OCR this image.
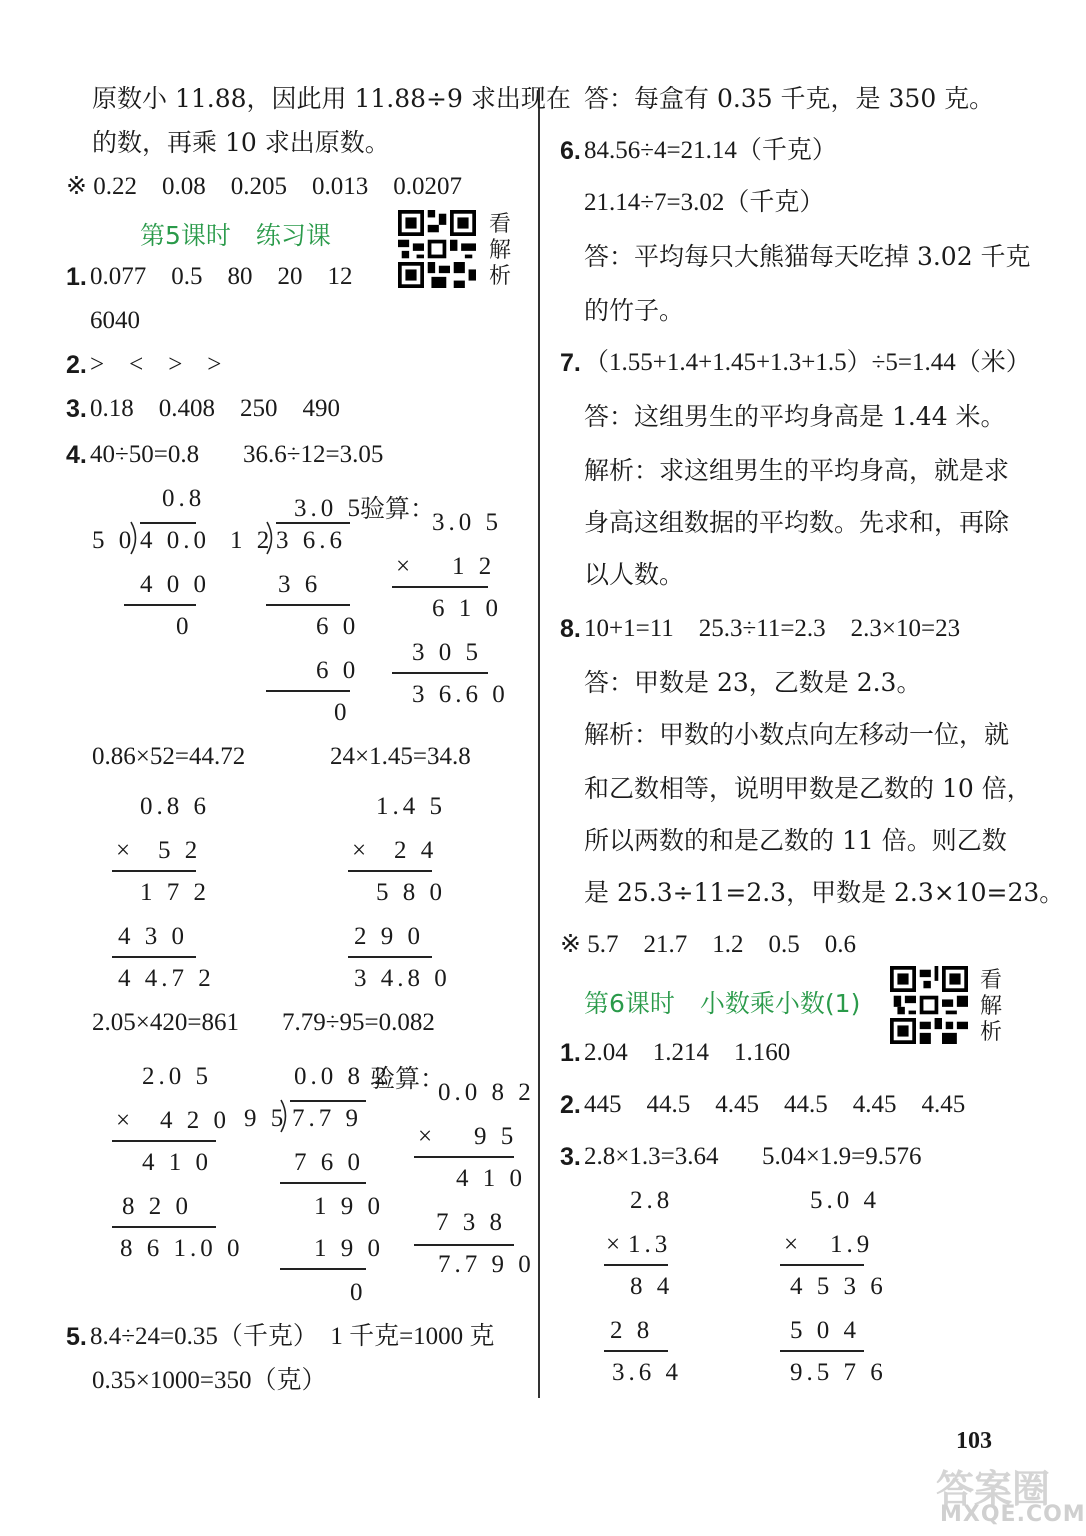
原数小 11.88，因此用 11.88÷9 求出现在
的数，再乘 10 求出原数。
※ 0.22　0.08　0.205　0.013　0.0207
第5课时　练习课	看解析
1. 0.077　0.5　80　20　12
6040
2. >　<　>　>
3. 0.18　0.408　250　490
4. 40÷50=0.8 36.6÷12=3.05
0.8
5 0 4 0.0
4 0 0
0
3.0 5
1 2 3 6.6
3 6
6 0
6 0
0
验算：
3.0 5
× 1 2
6 1 0
3 0 5
3 6.6 0
0.86×52=44.72	24×1.45=34.8
0.8 6
× 5 2
1 7 2
4 3 0
4 4.7 2
1.4 5
× 2 4
5 8 0
2 9 0
3 4.8 0
2.05×420=861 7.79÷95=0.082
2.0 5
× 4 2 0
4 1 0
8 2 0
8 6 1.0 0
0.0 8 2
9 5 7.7 9
7 6 0
1 9 0
1 9 0
0
验算：
0.0 8 2
× 9 5
4 1 0
7 3 8
7.7 9 0
5. 8.4÷24=0.35（千克）　1 千克=1000 克
0.35×1000=350（克）
答：每盒有 0.35 千克，是 350 克。
6. 84.56÷4=21.14（千克）
21.14÷7=3.02（千克）
答：平均每只大熊猫每天吃掉 3.02 千克
的竹子。
7. （1.55+1.4+1.45+1.3+1.5）÷5=1.44（米）
答：这组男生的平均身高是 1.44 米。
解析：求这组男生的平均身高，就是求
身高这组数据的平均数。先求和，再除
以人数。
8. 10+1=11　25.3÷11=2.3　2.3×10=23
答：甲数是 23，乙数是 2.3。
解析：甲数的小数点向左移动一位，就
和乙数相等，说明甲数是乙数的 10 倍，
所以两数的和是乙数的 11 倍。则乙数
是 25.3÷11=2.3，甲数是 2.3×10=23。
※ 5.7　21.7　1.2　0.5　0.6
第6课时　小数乘小数(1)
看解析
1. 2.04　1.214　1.160
2. 445　44.5　4.45　44.5　4.45　4.45
3. 2.8×1.3=3.64 5.04×1.9=9.576
2.8
× 1.3
8 4
2 8
3.6 4
5.0 4
× 1.9
4 5 3 6
5 0 4
9.5 7 6
103
答案圈
MXQE.COM
